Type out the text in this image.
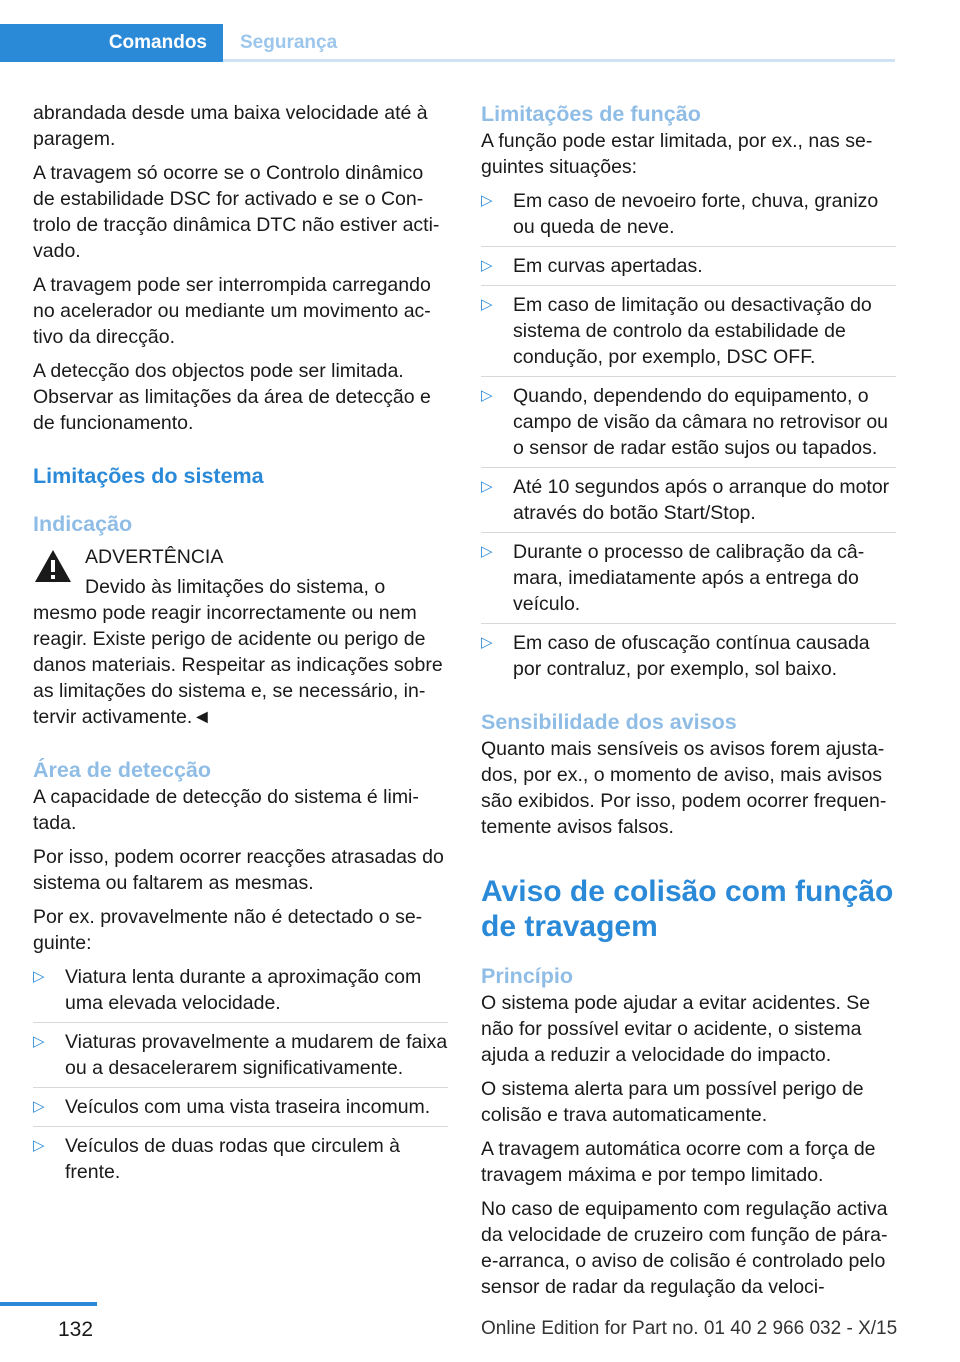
Comandos Segurança

abrandada desde uma baixa velocidade até à paragem.

A travagem só ocorre se o Controlo dinâmico de estabilidade DSC for activado e se o Controlo de tracção dinâmica DTC não estiver activado.

A travagem pode ser interrompida carregando no acelerador ou mediante um movimento activo da direcção.

A detecção dos objectos pode ser limitada. Observar as limitações da área de detecção e de funcionamento.

Limitações do sistema
Indicação
ADVERTÊNCIA
Devido às limitações do sistema, o
mesmo pode reagir incorrectamente ou nem reagir. Existe perigo de acidente ou perigo de danos materiais. Respeitar as indicações sobre as limitações do sistema e, se necessário, intervir activamente.◄
Área de detecção

A capacidade de detecção do sistema é limitada.

Por isso, podem ocorrer reacções atrasadas do sistema ou faltarem as mesmas.

Por ex. provavelmente não é detectado o seguinte:

▷ Viatura lenta durante a aproximação com uma elevada velocidade.
▷ Viaturas provavelmente a mudarem de faixa ou a desacelerarem significativamente.
▷ Veículos com uma vista traseira incomum.
▷ Veículos de duas rodas que circulem à frente.
Limitações de função

A função pode estar limitada, por ex., nas seguintes situações:

▷ Em caso de nevoeiro forte, chuva, granizo ou queda de neve.
▷ Em curvas apertadas.
▷ Em caso de limitação ou desactivação do sistema de controlo da estabilidade de condução, por exemplo, DSC OFF.
▷ Quando, dependendo do equipamento, o campo de visão da câmara no retrovisor ou o sensor de radar estão sujos ou tapados.
▷ Até 10 segundos após o arranque do motor através do botão Start/Stop.
▷ Durante o processo de calibração da câmara, imediatamente após a entrega do veículo.
▷ Em caso de ofuscação contínua causada por contraluz, por exemplo, sol baixo.
Sensibilidade dos avisos

Quanto mais sensíveis os avisos forem ajustados, por ex., o momento de aviso, mais avisos são exibidos. Por isso, podem ocorrer frequentemente avisos falsos.

Aviso de colisão com função de travagem
Princípio

O sistema pode ajudar a evitar acidentes. Se não for possível evitar o acidente, o sistema ajuda a reduzir a velocidade do impacto.

O sistema alerta para um possível perigo de colisão e trava automaticamente.

A travagem automática ocorre com a força de travagem máxima e por tempo limitado.

No caso de equipamento com regulação activa da velocidade de cruzeiro com função de pára-e-arranca, o aviso de colisão é controlado pelo sensor de radar da regulação da veloci-

132	Online Edition for Part no. 01 40 2 966 032 - X/15
